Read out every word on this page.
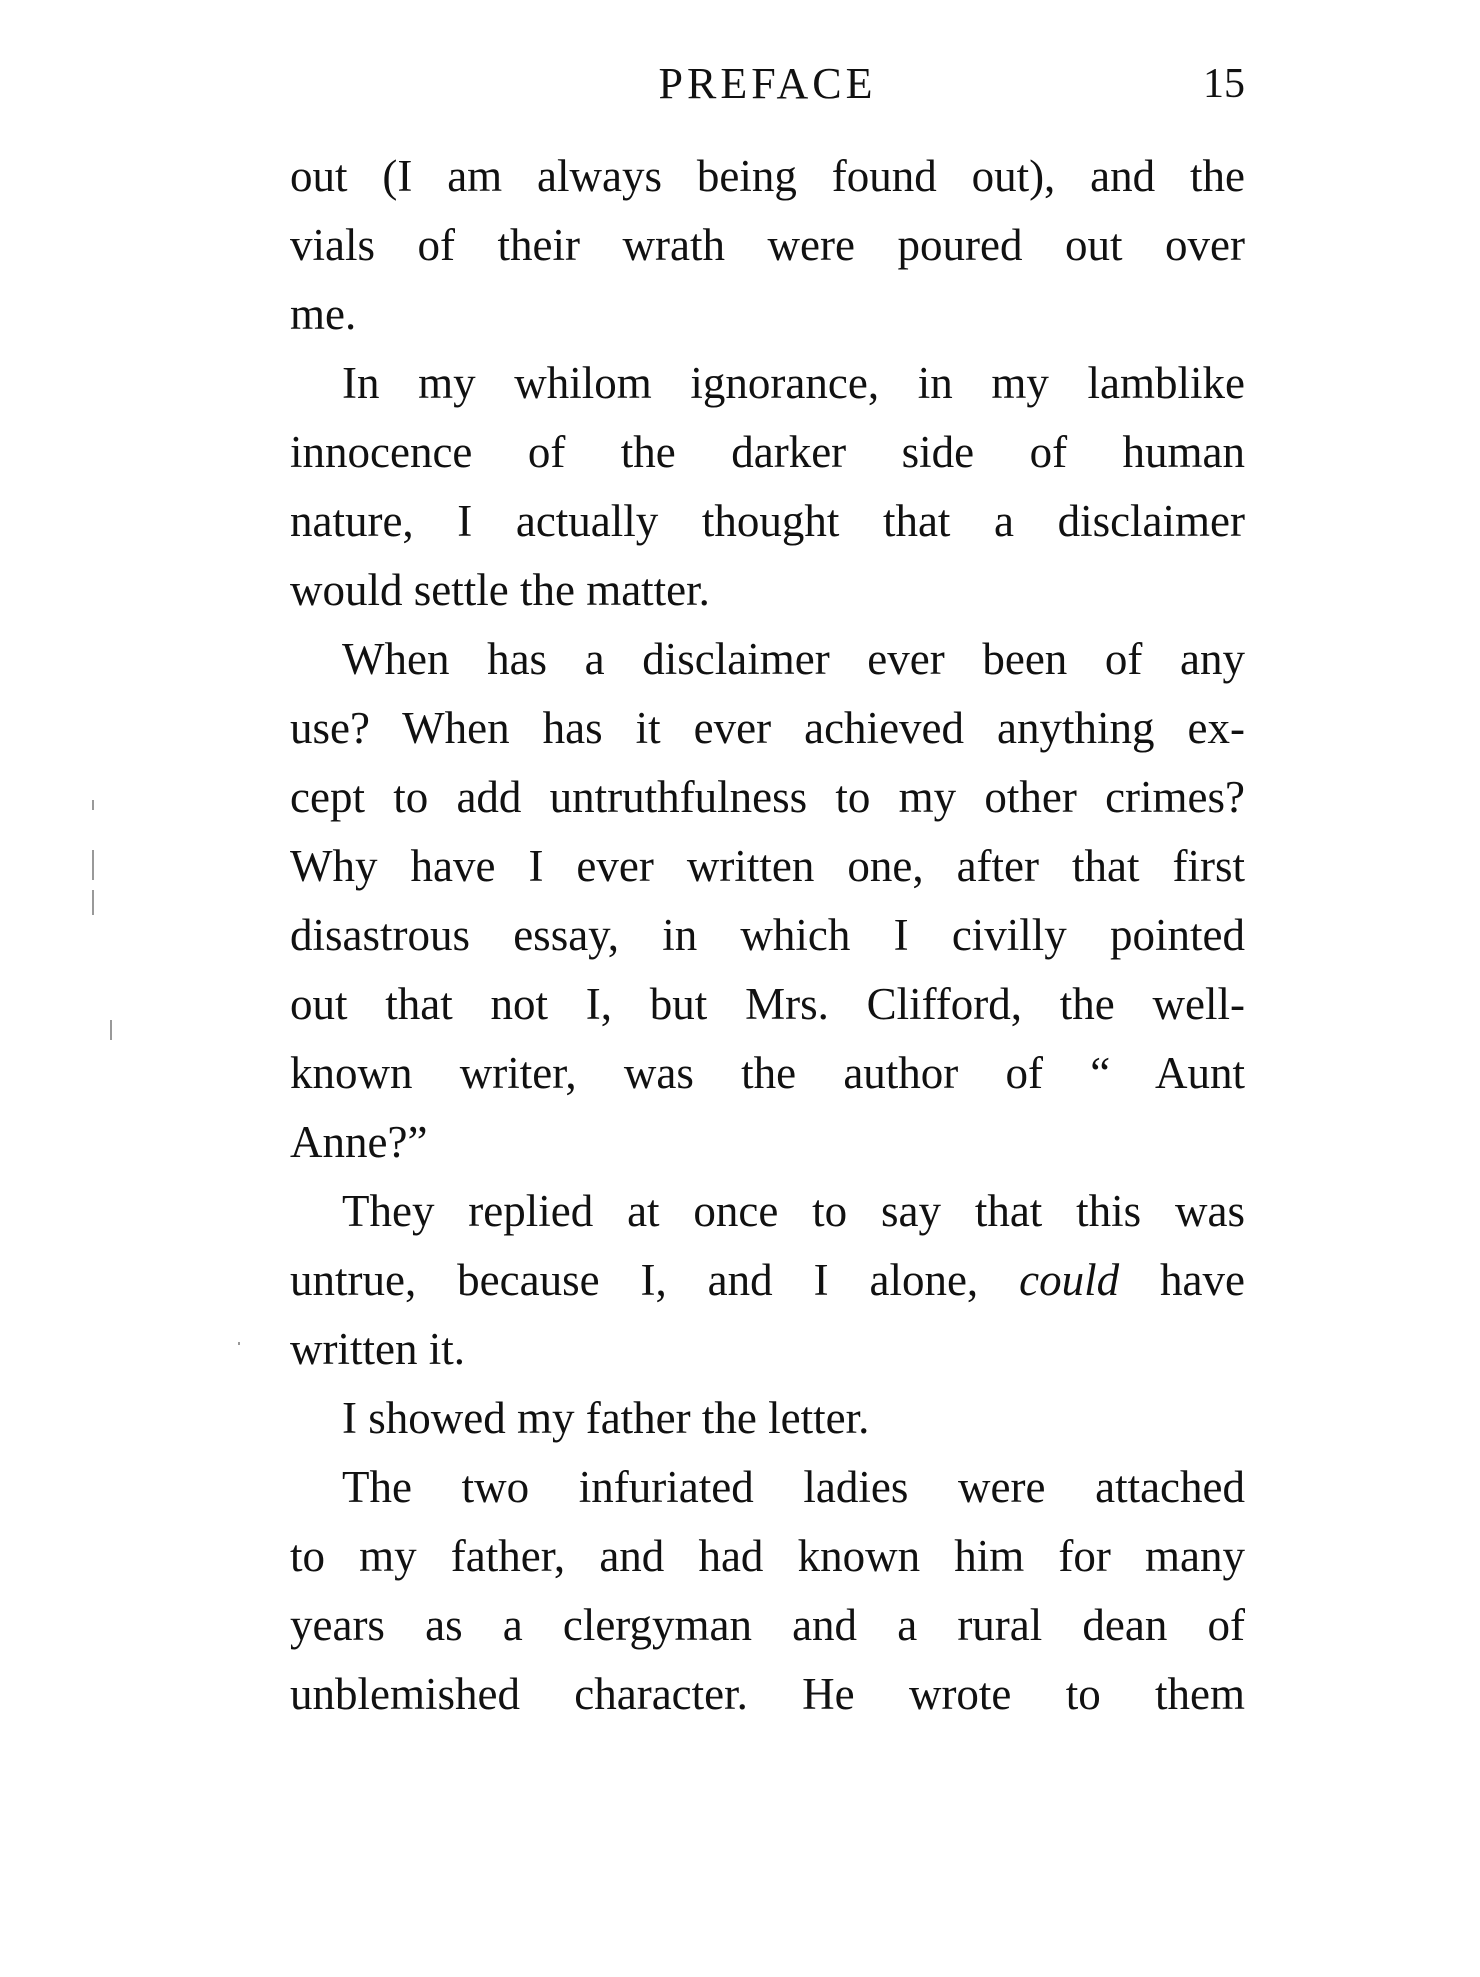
PREFACE	15

out (I am always being found out), and the
vials of their wrath were poured out over
me.

In my whilom ignorance, in my lamblike
innocence of the darker side of human
nature, I actually thought that a disclaimer
would settle the matter.

When has a disclaimer ever been of any
use? When has it ever achieved anything ex-
cept to add untruthfulness to my other crimes?
Why have I ever written one, after that first
disastrous essay, in which I civilly pointed
out that not I, but Mrs. Clifford, the well-
known writer, was the author of “ Aunt
Anne?”

They replied at once to say that this was
untrue, because I, and I alone, could have
written it.

I showed my father the letter.

The two infuriated ladies were attached
to my father, and had known him for many
years as a clergyman and a rural dean of
unblemished character. He wrote to them
